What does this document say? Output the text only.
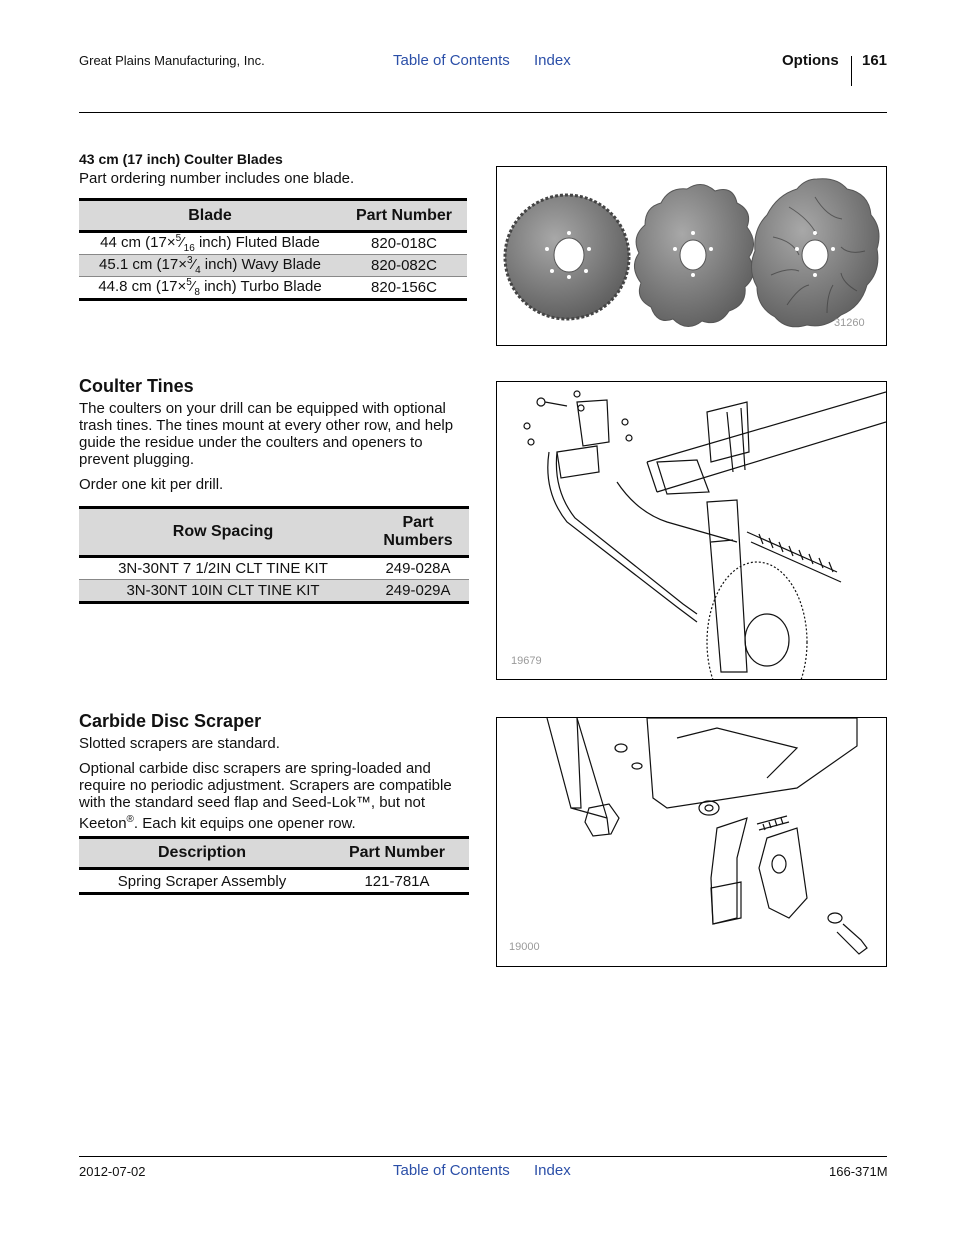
Great Plains Manufacturing, Inc.	Table of Contents Index	Options 161
43 cm (17 inch) Coulter Blades
Part ordering number includes one blade.
Blade	Part Number
44 cm ($17\times^5⁄_{16}$ inch) Fluted Blade	820-018C
45.1 cm ($17\times^3⁄_4$ inch) Wavy Blade	820-082C
44.8 cm ($17\times^5⁄_8$ inch) Turbo Blade	820-156C
31260
Coulter Tines
The coulters on your drill can be equipped with optional trash tines. The tines mount at every other row, and help guide the residue under the coulters and openers to prevent plugging.
Order one kit per drill.
Row Spacing	Part
Numbers
3N-30NT 7 1/2IN CLT TINE KIT	249-028A
3N-30NT 10IN CLT TINE KIT	249-029A
19679
Carbide Disc Scraper
Slotted scrapers are standard.
Optional carbide disc scrapers are spring-loaded and require no periodic adjustment. Scrapers are compatible with the standard seed flap and Seed-Lok™, but not Keeton®. Each kit equips one opener row.
Description	Part Number
Spring Scraper Assembly	121-781A
19000
2012-07-02	Table of Contents Index	166-371M
